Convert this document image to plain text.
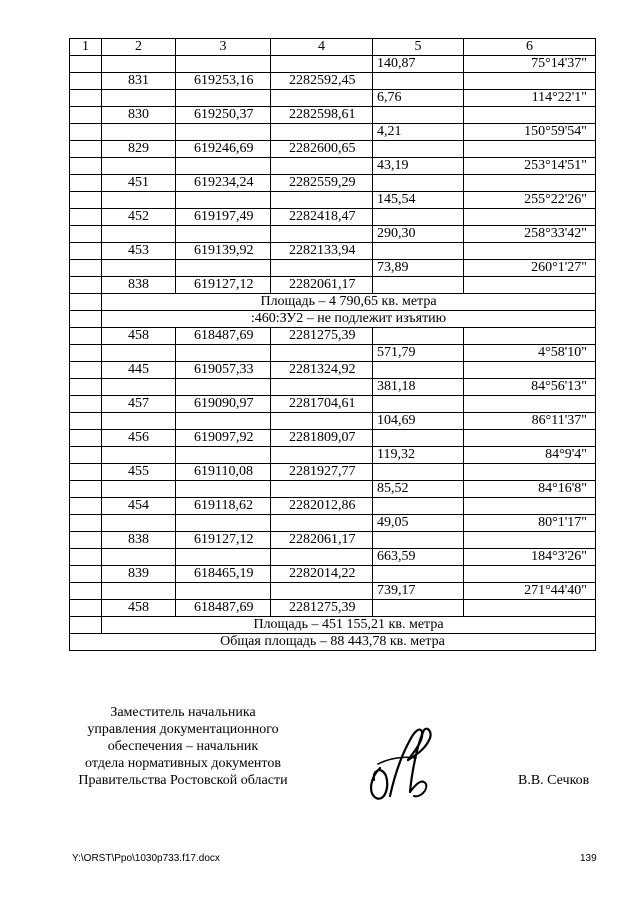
1	2	3	4	5	6
				140,87	75°14'37"
	831	619253,16	2282592,45		
				6,76	114°22'1"
	830	619250,37	2282598,61		
				4,21	150°59'54"
	829	619246,69	2282600,65		
				43,19	253°14'51"
	451	619234,24	2282559,29		
				145,54	255°22'26"
	452	619197,49	2282418,47		
				290,30	258°33'42"
	453	619139,92	2282133,94		
				73,89	260°1'27"
	838	619127,12	2282061,17		
	Площадь – 4 790,65 кв. метра				
	:460:ЗУ2 – не подлежит изъятию				
	458	618487,69	2281275,39		
				571,79	4°58'10"
	445	619057,33	2281324,92		
				381,18	84°56'13"
	457	619090,97	2281704,61		
				104,69	86°11'37"
	456	619097,92	2281809,07		
				119,32	84°9'4"
	455	619110,08	2281927,77		
				85,52	84°16'8"
	454	619118,62	2282012,86		
				49,05	80°1'17"
	838	619127,12	2282061,17		
				663,59	184°3'26"
	839	618465,19	2282014,22		
				739,17	271°44'40"
	458	618487,69	2281275,39		
	Площадь – 451 155,21 кв. метра				
Общая площадь – 88 443,78 кв. метра					
Заместитель начальника
управления документационного
обеспечения – начальник
отдела нормативных документов
Правительства Ростовской области	В.В. Сечков
Y:\ORST\Ppo\1030p733.f17.docx	139
